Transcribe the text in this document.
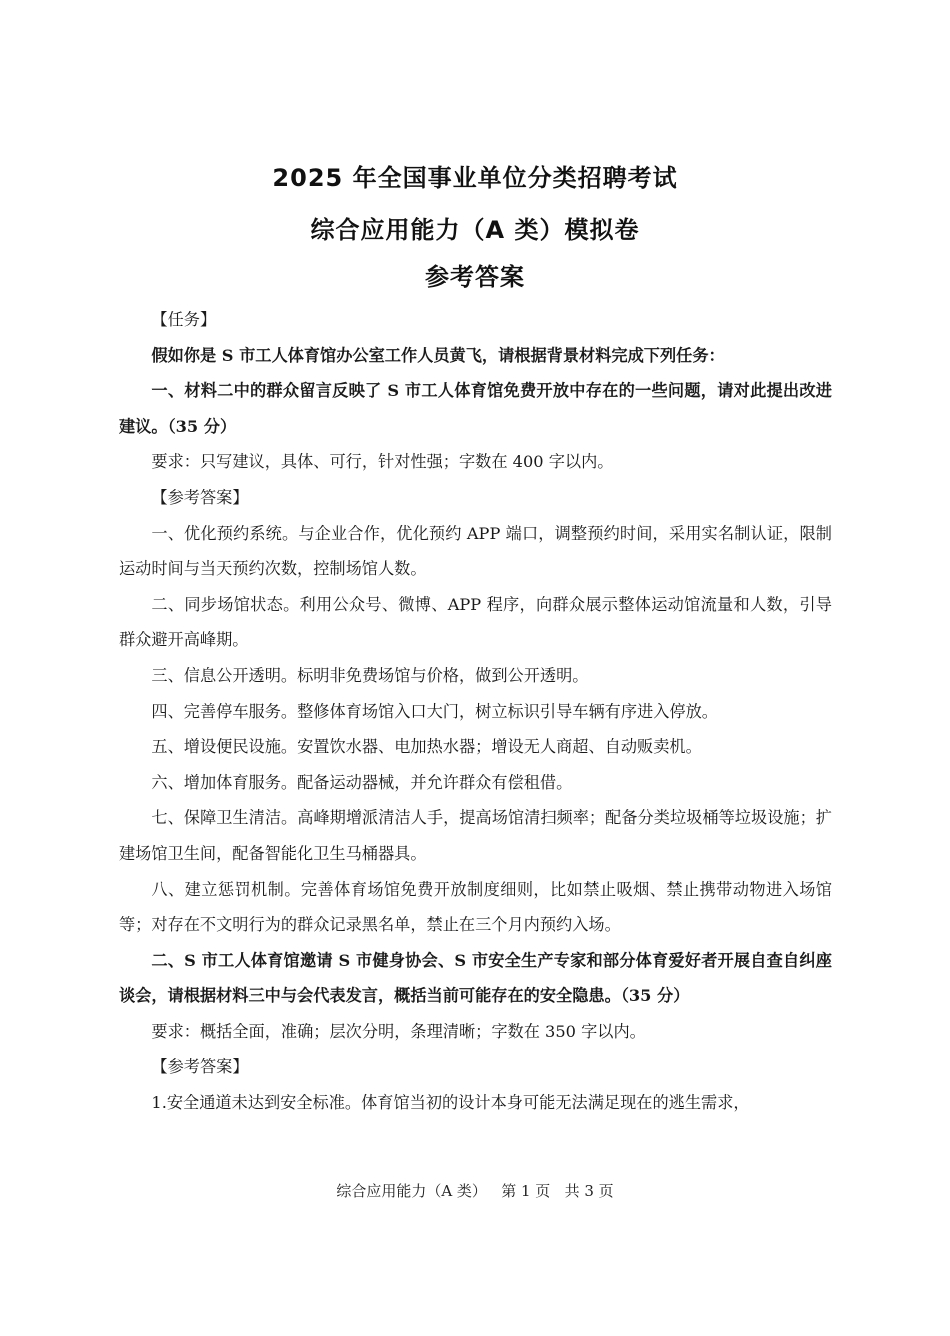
2025 年全国事业单位分类招聘考试
综合应用能力（A 类）模拟卷
参考答案

【任务】

假如你是 S 市工人体育馆办公室工作人员黄飞，请根据背景材料完成下列任务：

一、材料二中的群众留言反映了 S 市工人体育馆免费开放中存在的一些问题，请对此提出改进建议。（35 分）

要求：只写建议，具体、可行，针对性强；字数在 400 字以内。

【参考答案】

一、优化预约系统。与企业合作，优化预约 APP 端口，调整预约时间，采用实名制认证，限制运动时间与当天预约次数，控制场馆人数。

二、同步场馆状态。利用公众号、微博、APP 程序，向群众展示整体运动馆流量和人数，引导群众避开高峰期。

三、信息公开透明。标明非免费场馆与价格，做到公开透明。

四、完善停车服务。整修体育场馆入口大门，树立标识引导车辆有序进入停放。

五、增设便民设施。安置饮水器、电加热水器；增设无人商超、自动贩卖机。

六、增加体育服务。配备运动器械，并允许群众有偿租借。

七、保障卫生清洁。高峰期增派清洁人手，提高场馆清扫频率；配备分类垃圾桶等垃圾设施；扩建场馆卫生间，配备智能化卫生马桶器具。

八、建立惩罚机制。完善体育场馆免费开放制度细则，比如禁止吸烟、禁止携带动物进入场馆等；对存在不文明行为的群众记录黑名单，禁止在三个月内预约入场。

二、S 市工人体育馆邀请 S 市健身协会、S 市安全生产专家和部分体育爱好者开展自查自纠座谈会，请根据材料三中与会代表发言，概括当前可能存在的安全隐患。（35 分）

要求：概括全面，准确；层次分明，条理清晰；字数在 350 字以内。

【参考答案】

1.安全通道未达到安全标准。体育馆当初的设计本身可能无法满足现在的逃生需求，

综合应用能力（A 类）   第 1 页   共 3 页
